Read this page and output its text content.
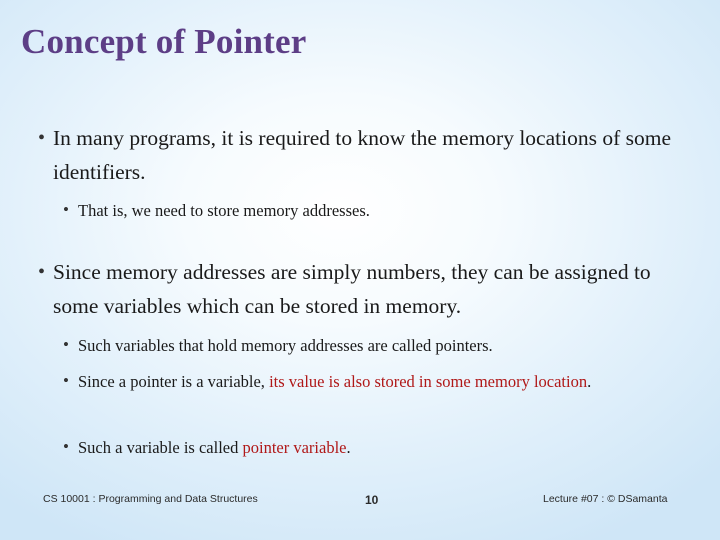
Concept of Pointer
• In many programs, it is required to know the memory locations of some identifiers.
• That is, we need to store memory addresses.
• Since memory addresses are simply numbers, they can be assigned to some variables which can be stored in memory.
• Such variables that hold memory addresses are called pointers.
• Since a pointer is a variable, its value is also stored in some memory location.
• Such a variable is called pointer variable.
CS 10001 : Programming and Data Structures	10	Lecture #07 : © DSamanta
